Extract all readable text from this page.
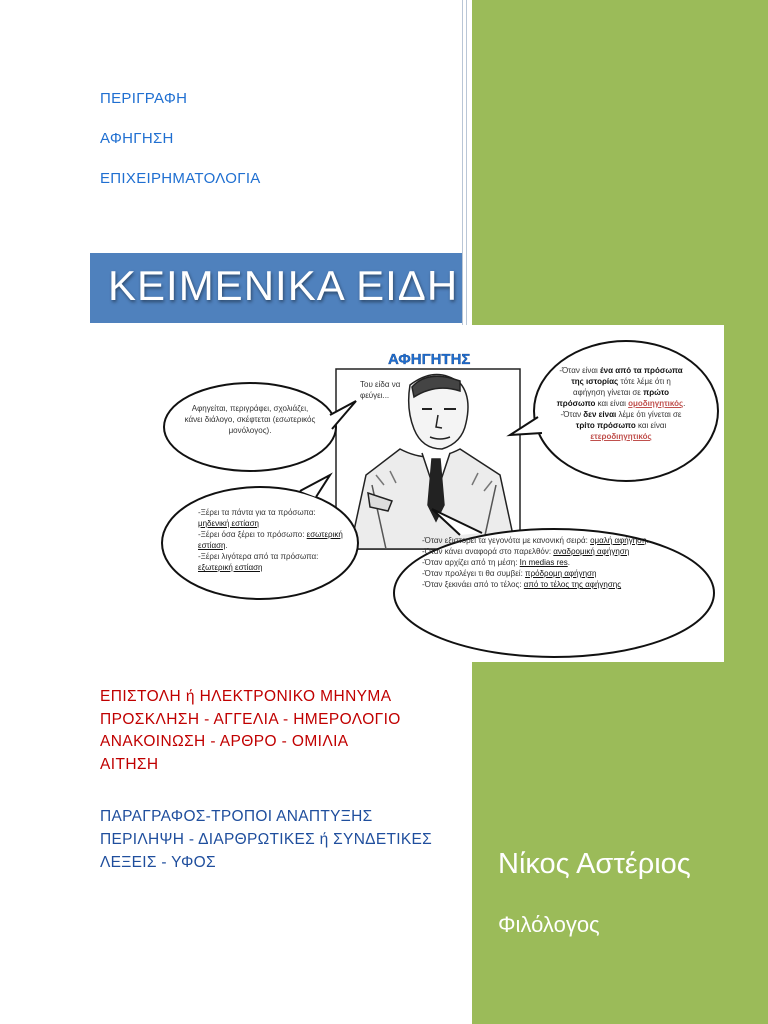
ΠΕΡΙΓΡΑΦΗ
ΑΦΗΓΗΣΗ
ΕΠΙΧΕΙΡΗΜΑΤΟΛΟΓΙΑ
ΚΕΙΜΕΝΙΚΑ ΕΙΔΗ
ΑΦΗΓΗΤΗΣ
Του είδα να φεύγει...
Αφηγείται, περιγράφει, σχολιάζει, κάνει διάλογο, σκέφτεται (εσωτερικός μονόλογος).
-Ξέρει τα πάντα για τα πρόσωπα: μηδενική εστίαση
-Ξέρει όσα ξέρει το πρόσωπο: εσωτερική εστίαση.
-Ξέρει λιγότερα από τα πρόσωπα: εξωτερική εστίαση
-Όταν είναι ένα από τα πρόσωπα της ιστορίας τότε λέμε ότι η αφήγηση γίνεται σε πρώτο πρόσωπο και είναι ομοδιηγητικός.
-Όταν δεν είναι λέμε ότι γίνεται σε τρίτο πρόσωπο και είναι ετεροδιηγητικός
-Όταν εξιστορεί τα γεγονότα με κανονική σειρά: ομαλή αφήγηση.
-Όταν κάνει αναφορά στο παρελθόν: αναδρομική αφήγηση
-Όταν αρχίζει από τη μέση: In medias res.
-Όταν προλέγει τι θα συμβεί: πρόδρομη αφήγηση
-Όταν ξεκινάει από το τέλος: από το τέλος της αφήγησης
ΕΠΙΣΤΟΛΗ ή ΗΛΕΚΤΡΟΝΙΚΟ ΜΗΝΥΜΑ
ΠΡΟΣΚΛΗΣΗ - ΑΓΓΕΛΙΑ - ΗΜΕΡΟΛΟΓΙΟ
ΑΝΑΚΟΙΝΩΣΗ - ΑΡΘΡΟ - ΟΜΙΛΙΑ
ΑΙΤΗΣΗ
ΠΑΡΑΓΡΑΦΟΣ-ΤΡΟΠΟΙ ΑΝΑΠΤΥΞΗΣ
ΠΕΡΙΛΗΨΗ - ΔΙΑΡΘΡΩΤΙΚΕΣ ή ΣΥΝΔΕΤΙΚΕΣ
ΛΕΞΕΙΣ - ΥΦΟΣ	Νίκος Αστέριος
Φιλόλογος
